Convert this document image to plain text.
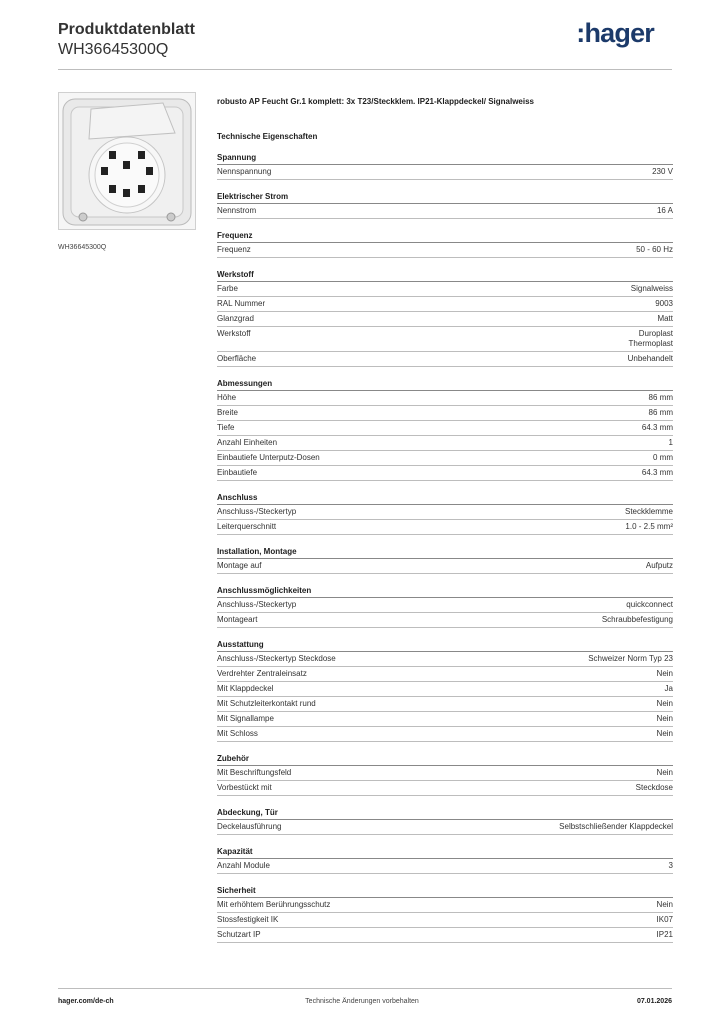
Produktdatenblatt
WH36645300Q
:hager
WH36645300Q
robusto AP Feucht Gr.1 komplett: 3x T23/Steckklem. IP21-Klappdeckel/ Signalweiss
Technische Eigenschaften
Spannung
Nennspannung	230 V
Elektrischer Strom
Nennstrom	16 A
Frequenz
Frequenz	50 - 60 Hz
Werkstoff
Farbe	Signalweiss
RAL Nummer	9003
Glanzgrad	Matt
Werkstoff	Duroplast
Thermoplast
Oberfläche	Unbehandelt
Abmessungen
Höhe	86 mm
Breite	86 mm
Tiefe	64.3 mm
Anzahl Einheiten	1
Einbautiefe Unterputz-Dosen	0 mm
Einbautiefe	64.3 mm
Anschluss
Anschluss-/Steckertyp	Steckklemme
Leiterquerschnitt	1.0 - 2.5 mm²
Installation, Montage
Montage auf	Aufputz
Anschlussmöglichkeiten
Anschluss-/Steckertyp	quickconnect
Montageart	Schraubbefestigung
Ausstattung
Anschluss-/Steckertyp Steckdose	Schweizer Norm Typ 23
Verdrehter Zentraleinsatz	Nein
Mit Klappdeckel	Ja
Mit Schutzleiterkontakt rund	Nein
Mit Signallampe	Nein
Mit Schloss	Nein
Zubehör
Mit Beschriftungsfeld	Nein
Vorbestückt mit	Steckdose
Abdeckung, Tür
Deckelausführung	Selbstschließender Klappdeckel
Kapazität
Anzahl Module	3
Sicherheit
Mit erhöhtem Berührungsschutz	Nein
Stossfestigkeit IK	IK07
Schutzart IP	IP21
hager.com/de-ch	Technische Änderungen vorbehalten	07.01.2026
